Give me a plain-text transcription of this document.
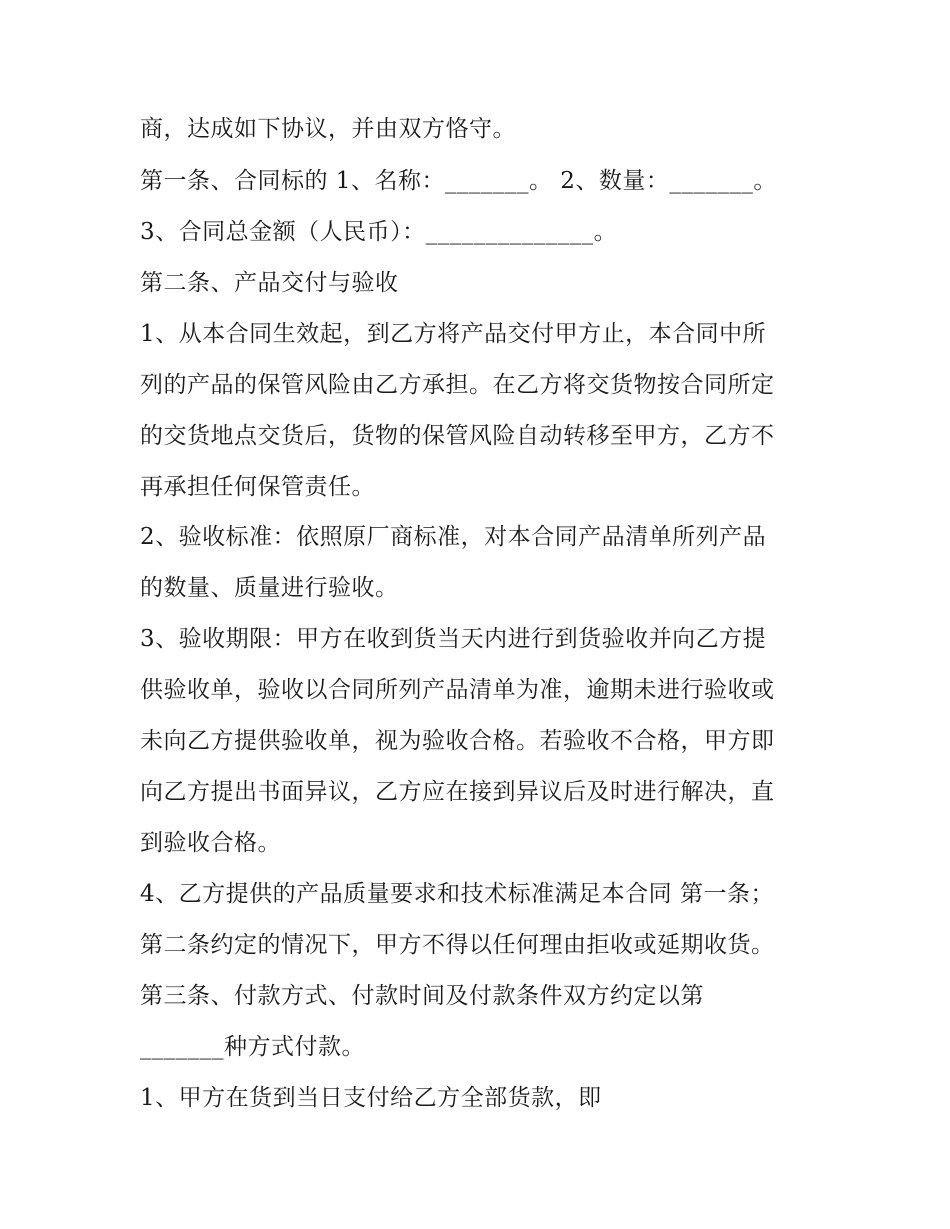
商，达成如下协议，并由双方恪守。
第一条、合同标的 1、名称：_______。 2、数量：_______。
3、合同总金额（人民币）：______________。
第二条、产品交付与验收
1、从本合同生效起，到乙方将产品交付甲方止，本合同中所
列的产品的保管风险由乙方承担。在乙方将交货物按合同所定
的交货地点交货后，货物的保管风险自动转移至甲方，乙方不
再承担任何保管责任。
2、验收标准：依照原厂商标准，对本合同产品清单所列产品
的数量、质量进行验收。
3、验收期限：甲方在收到货当天内进行到货验收并向乙方提
供验收单，验收以合同所列产品清单为准，逾期未进行验收或
未向乙方提供验收单，视为验收合格。若验收不合格，甲方即
向乙方提出书面异议，乙方应在接到异议后及时进行解决，直
到验收合格。
4、乙方提供的产品质量要求和技术标准满足本合同 第一条；
第二条约定的情况下，甲方不得以任何理由拒收或延期收货。
第三条、付款方式、付款时间及付款条件双方约定以第
_______种方式付款。
1、甲方在货到当日支付给乙方全部货款，即
